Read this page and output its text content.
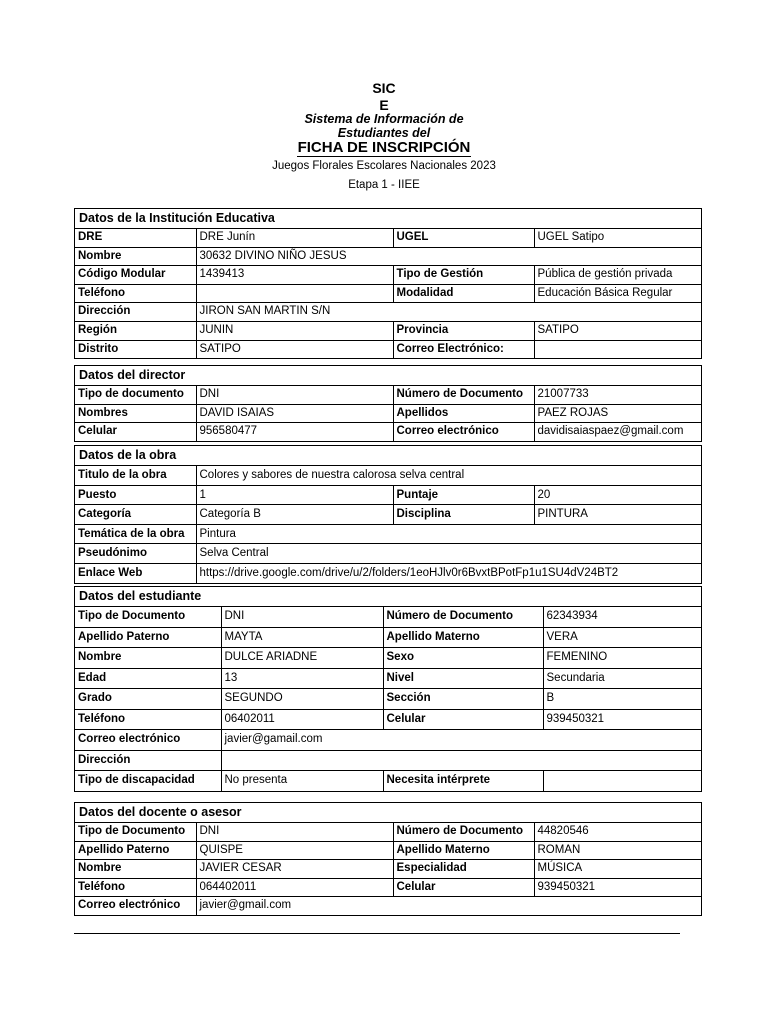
SIC
E
Sistema de Información de
Estudiantes del
FICHA DE INSCRIPCIÓN
Juegos Florales Escolares Nacionales 2023
Etapa 1 - IIEE
Datos de la Institución Educativa
DRE	DRE Junín	UGEL	UGEL Satipo
Nombre	30632 DIVINO NIÑO JESUS		
Código Modular	1439413	Tipo de Gestión	Pública de gestión privada
Teléfono		Modalidad	Educación Básica Regular
Dirección	JIRON SAN MARTIN S/N		
Región	JUNIN	Provincia	SATIPO
Distrito	SATIPO	Correo Electrónico:	
Datos del director
Tipo de documento	DNI	Número de Documento	21007733
Nombres	DAVID ISAIAS	Apellidos	PAEZ ROJAS
Celular	956580477	Correo electrónico	davidisaiaspaez@gmail.com
Datos de la obra
Titulo de la obra	Colores y sabores de nuestra calorosa selva central		
Puesto	1	Puntaje	20
Categoría	Categoría B	Disciplina	PINTURA
Temática de la obra	Pintura		
Pseudónimo	Selva Central		
Enlace Web	https://drive.google.com/drive/u/2/folders/1eoHJlv0r6BvxtBPotFp1u1SU4dV24BT2		
Datos del estudiante
Tipo de Documento	DNI	Número de Documento	62343934
Apellido Paterno	MAYTA	Apellido Materno	VERA
Nombre	DULCE ARIADNE	Sexo	FEMENINO
Edad	13	Nivel	Secundaria
Grado	SEGUNDO	Sección	B
Teléfono	06402011	Celular	939450321
Correo electrónico	javier@gamail.com		
Dirección			
Tipo de discapacidad	No presenta	Necesita intérprete	
Datos del docente o asesor
Tipo de Documento	DNI	Número de Documento	44820546
Apellido Paterno	QUISPE	Apellido Materno	ROMAN
Nombre	JAVIER CESAR	Especialidad	MÚSICA
Teléfono	064402011	Celular	939450321
Correo electrónico	javier@gmail.com		
